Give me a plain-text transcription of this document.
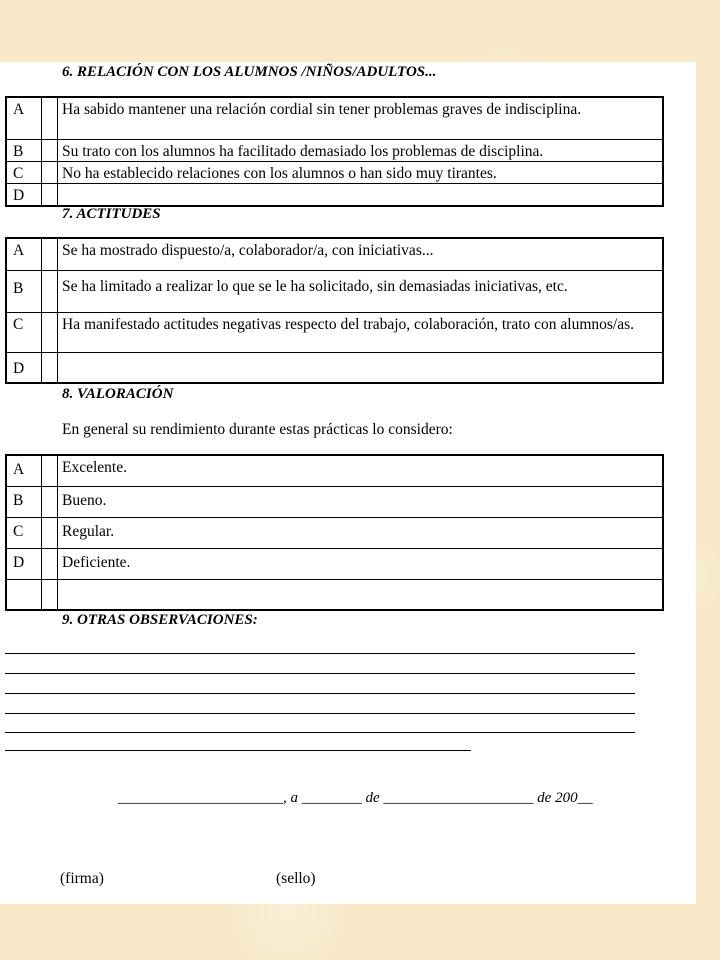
6. RELACIÓN CON LOS ALUMNOS /NIÑOS/ADULTOS...
A		Ha sabido mantener una relación cordial sin tener problemas graves de indisciplina.
B		Su trato con los alumnos ha facilitado demasiado los problemas de disciplina.
C		No ha establecido relaciones con los alumnos o han sido muy tirantes.
D		
7. ACTITUDES
A		Se ha mostrado dispuesto/a, colaborador/a, con iniciativas...
B		Se ha limitado a realizar lo que se le ha solicitado, sin demasiadas iniciativas, etc.
C		Ha manifestado actitudes negativas respecto del trabajo, colaboración, trato con alumnos/as.
D		
8. VALORACIÓN
En general su rendimiento durante estas prácticas lo considero:
A		Excelente.
B		Bueno.
C		Regular.
D		Deficiente.

9. OTRAS OBSERVACIONES:
______________________, a ________ de ____________________ de 200__
(firma)	(sello)
